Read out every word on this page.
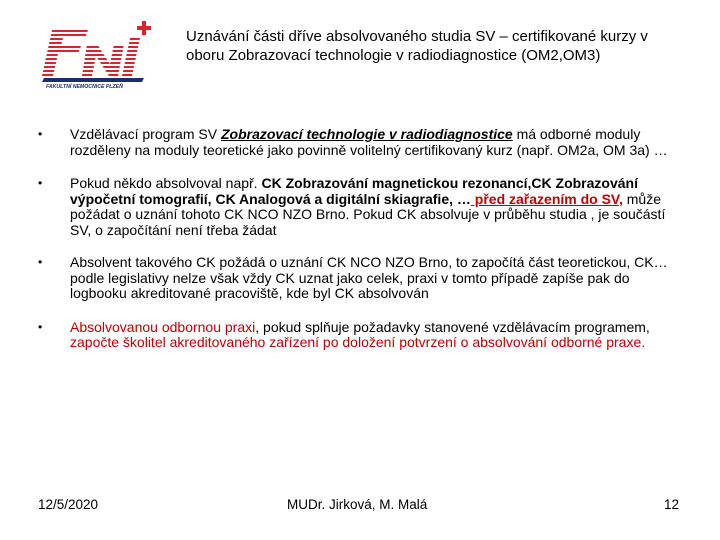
FAKULTNÍ NEMOCNICE PLZEŇ
Uznávání části dříve absolvovaného studia SV – certifikované kurzy v oboru Zobrazovací technologie v radiodiagnostice (OM2,OM3)
• Vzdělávací program SV Zobrazovací technologie v radiodiagnostice má odborné moduly rozděleny na moduly teoretické jako povinně volitelný certifikovaný kurz (např. OM2a, OM 3a) …
• Pokud někdo absolvoval např. CK Zobrazování magnetickou rezonancí,CK Zobrazování výpočetní tomografií, CK Analogová a digitální skiagrafie, … před zařazením do SV, může požádat o uznání tohoto CK NCO NZO Brno. Pokud CK absolvuje v průběhu studia , je součástí SV, o započítání není třeba žádat
• Absolvent takového CK požádá o uznání CK NCO NZO Brno, to započítá část teoretickou, CK…podle legislativy nelze však vždy CK uznat jako celek, praxi v tomto případě zapíše pak do logbooku akreditované pracoviště, kde byl CK absolvován
• Absolvovanou odbornou praxi, pokud splňuje požadavky stanovené vzdělávacím programem, započte školitel akreditovaného zařízení po doložení potvrzení o absolvování odborné praxe.
12/5/2020	MUDr. Jirková, M. Malá	12
